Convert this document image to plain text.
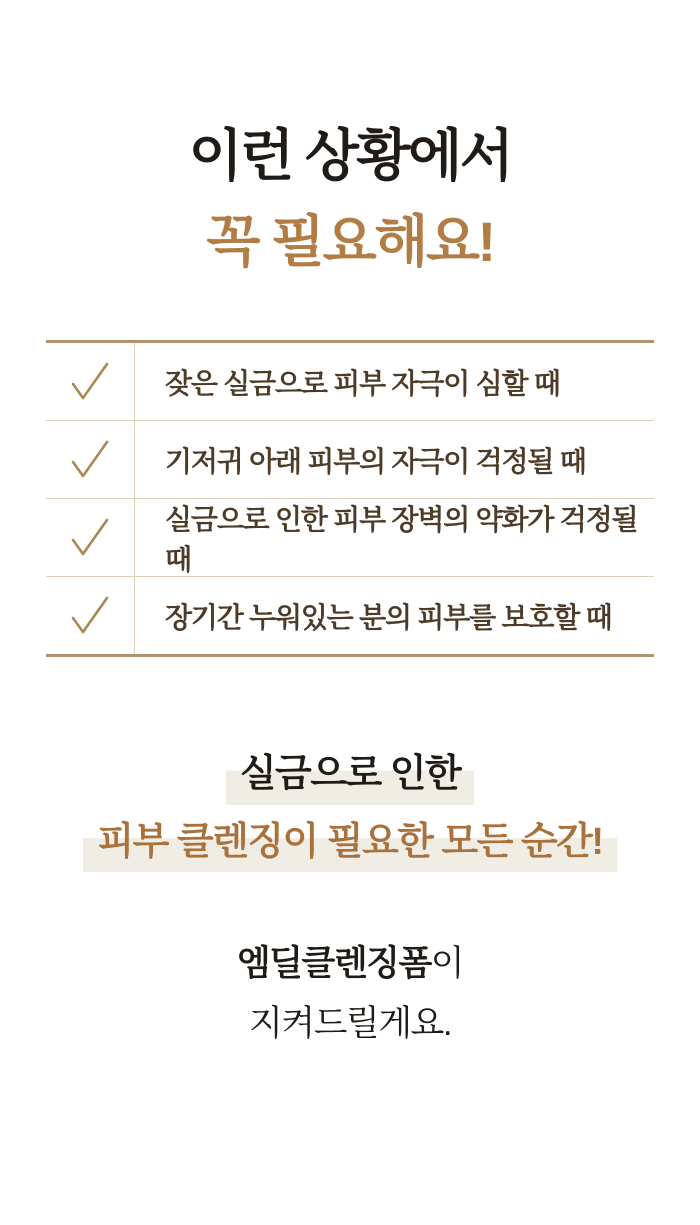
이런 상황에서
꼭 필요해요!
잦은 실금으로 피부 자극이 심할 때
기저귀 아래 피부의 자극이 걱정될 때
실금으로 인한 피부 장벽의 약화가 걱정될 때
장기간 누워있는 분의 피부를 보호할 때
실금으로 인한
피부 클렌징이 필요한 모든 순간!
엠딜클렌징폼이
지켜드릴게요.
